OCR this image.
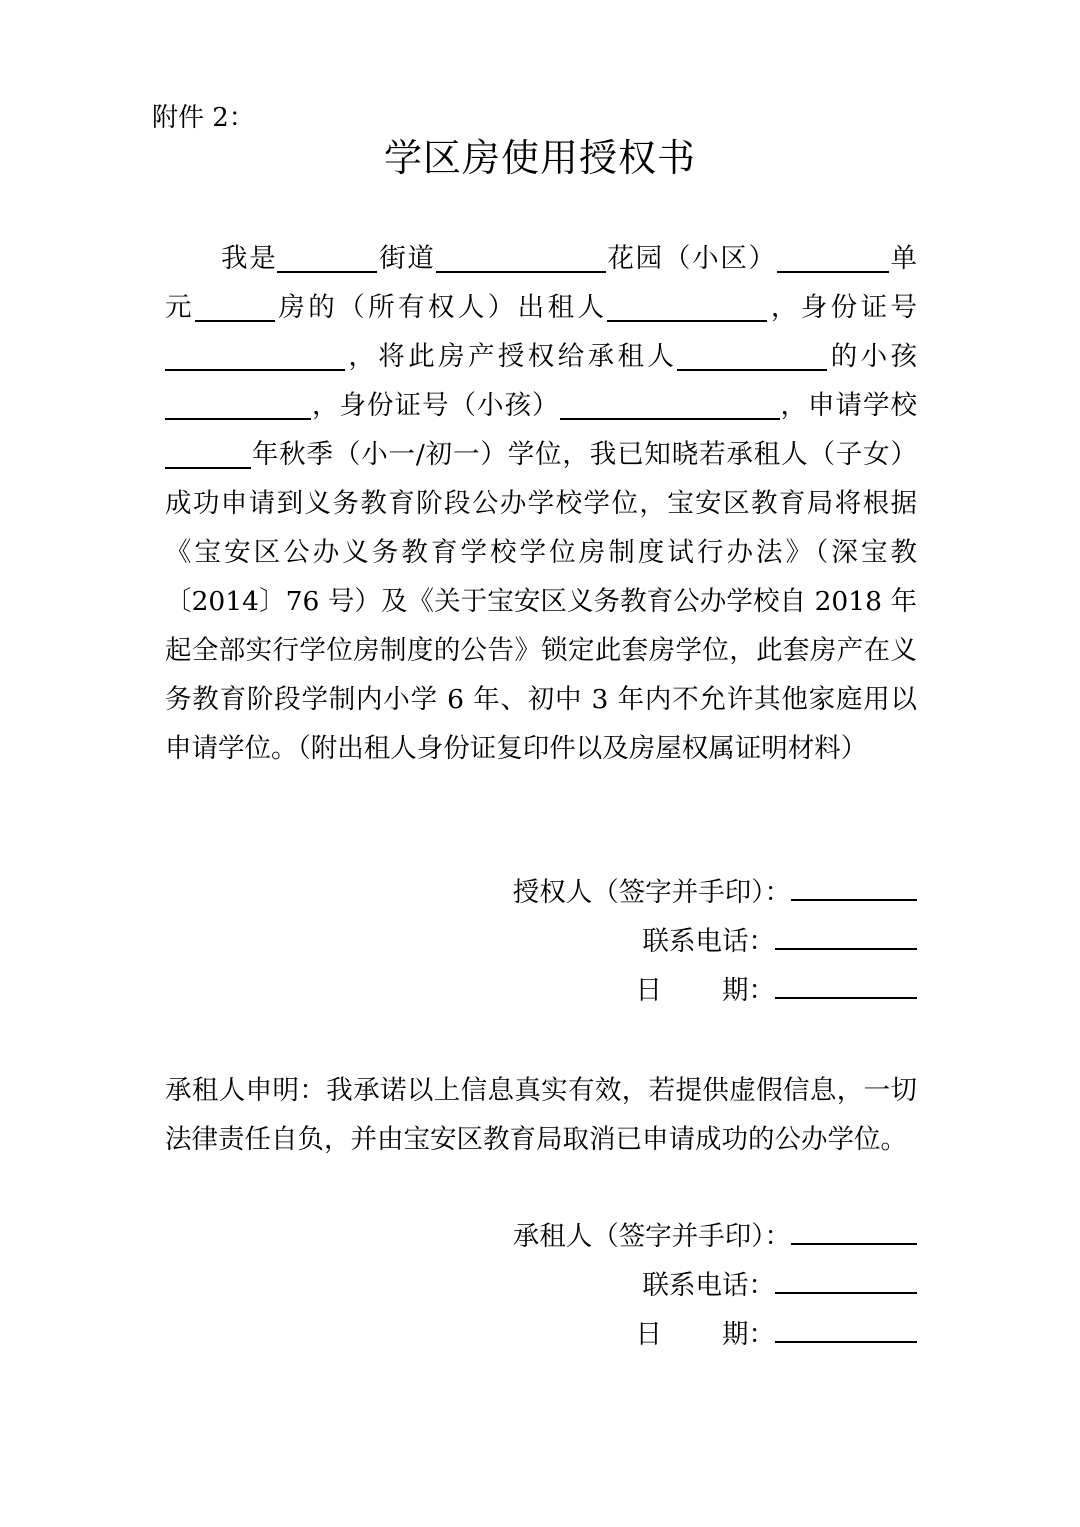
附件 2：

学区房使用授权书

我是	街道	花园（小区）	单元	房的（所有权人）出租人	，身份证号，将此房产授权给承租人	的小孩，身份证号（小孩）	，申请学校年秋季（小一/初一）学位，我已知晓若承租人（子女）成功申请到义务教育阶段公办学校学位，宝安区教育局将根据《宝安区公办义务教育学校学位房制度试行办法》（深宝教〔2014〕76 号）及《关于宝安区义务教育公办学校自 2018 年起全部实行学位房制度的公告》锁定此套房学位，此套房产在义务教育阶段学制内小学 6 年、初中 3 年内不允许其他家庭用以申请学位。（附出租人身份证复印件以及房屋权属证明材料）

授权人（签字并手印）：
联系电话：
日 期：

承租人申明：我承诺以上信息真实有效，若提供虚假信息，一切法律责任自负，并由宝安区教育局取消已申请成功的公办学位。

承租人（签字并手印）：
联系电话：
日 期：
